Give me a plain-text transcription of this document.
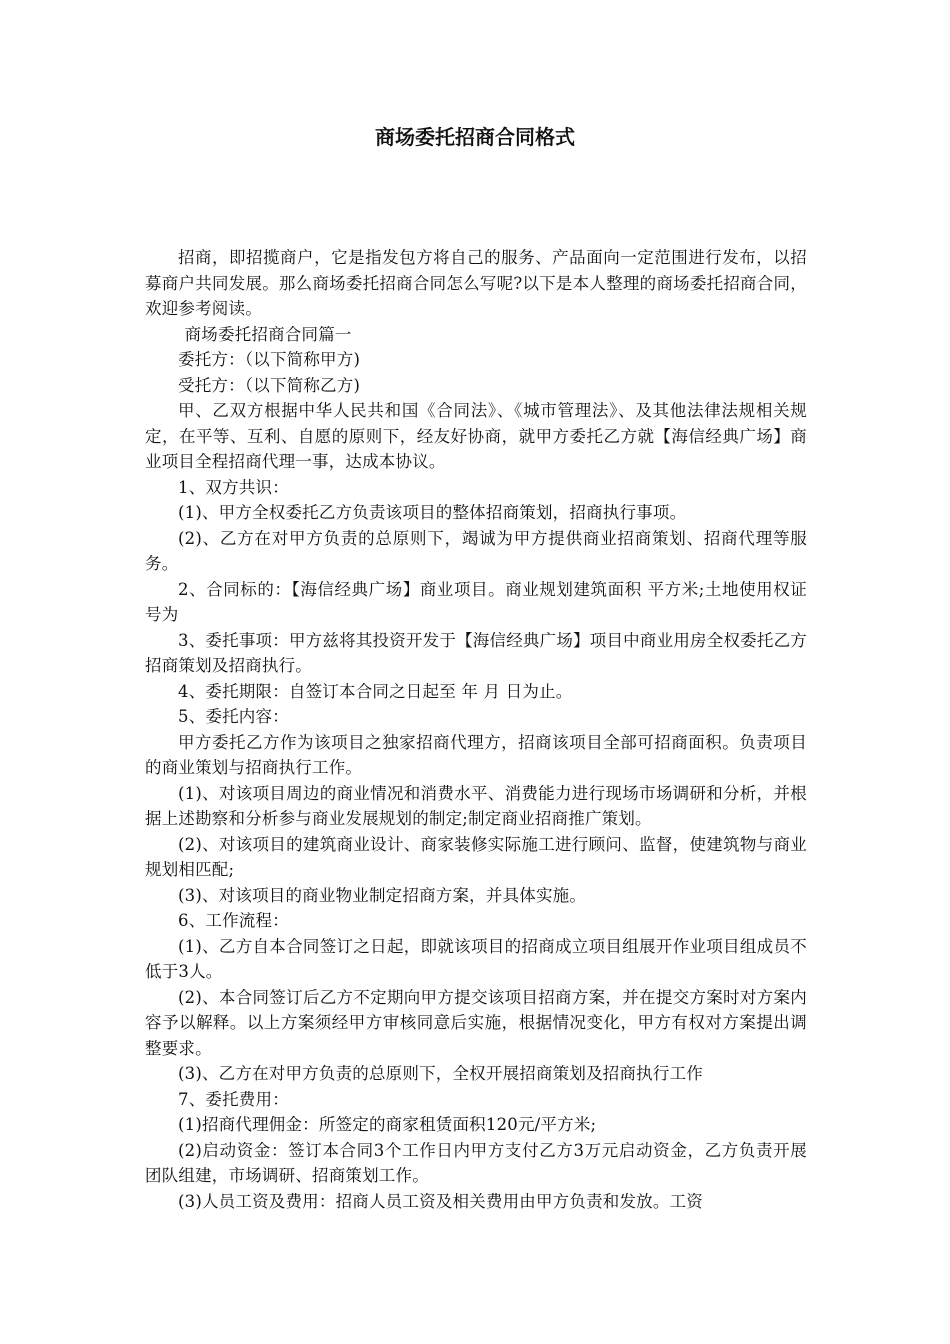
商场委托招商合同格式

招商，即招揽商户，它是指发包方将自己的服务、产品面向一定范围进行发布，以招募商户共同发展。那么商场委托招商合同怎么写呢?以下是本人整理的商场委托招商合同，欢迎参考阅读。

商场委托招商合同篇一

委托方：（以下简称甲方)

受托方：（以下简称乙方)

甲、乙双方根据中华人民共和国《合同法》、《城市管理法》、及其他法律法规相关规定，在平等、互利、自愿的原则下，经友好协商，就甲方委托乙方就【海信经典广场】商业项目全程招商代理一事，达成本协议。

1、双方共识：

(1)、甲方全权委托乙方负责该项目的整体招商策划，招商执行事项。

(2)、乙方在对甲方负责的总原则下，竭诚为甲方提供商业招商策划、招商代理等服务。

2、合同标的：【海信经典广场】商业项目。商业规划建筑面积 平方米;土地使用权证号为

3、委托事项：甲方兹将其投资开发于【海信经典广场】项目中商业用房全权委托乙方招商策划及招商执行。

4、委托期限：自签订本合同之日起至 年 月 日为止。

5、委托内容：

甲方委托乙方作为该项目之独家招商代理方，招商该项目全部可招商面积。负责项目的商业策划与招商执行工作。

(1)、对该项目周边的商业情况和消费水平、消费能力进行现场市场调研和分析，并根据上述勘察和分析参与商业发展规划的制定;制定商业招商推广策划。

(2)、对该项目的建筑商业设计、商家装修实际施工进行顾问、监督，使建筑物与商业规划相匹配;

(3)、对该项目的商业物业制定招商方案，并具体实施。

6、工作流程：

(1)、乙方自本合同签订之日起，即就该项目的招商成立项目组展开作业项目组成员不低于3人。

(2)、本合同签订后乙方不定期向甲方提交该项目招商方案，并在提交方案时对方案内容予以解释。以上方案须经甲方审核同意后实施，根据情况变化，甲方有权对方案提出调整要求。

(3)、乙方在对甲方负责的总原则下，全权开展招商策划及招商执行工作

7、委托费用：

(1)招商代理佣金：所签定的商家租赁面积120元/平方米;

(2)启动资金：签订本合同3个工作日内甲方支付乙方3万元启动资金，乙方负责开展团队组建，市场调研、招商策划工作。

(3)人员工资及费用：招商人员工资及相关费用由甲方负责和发放。工资
